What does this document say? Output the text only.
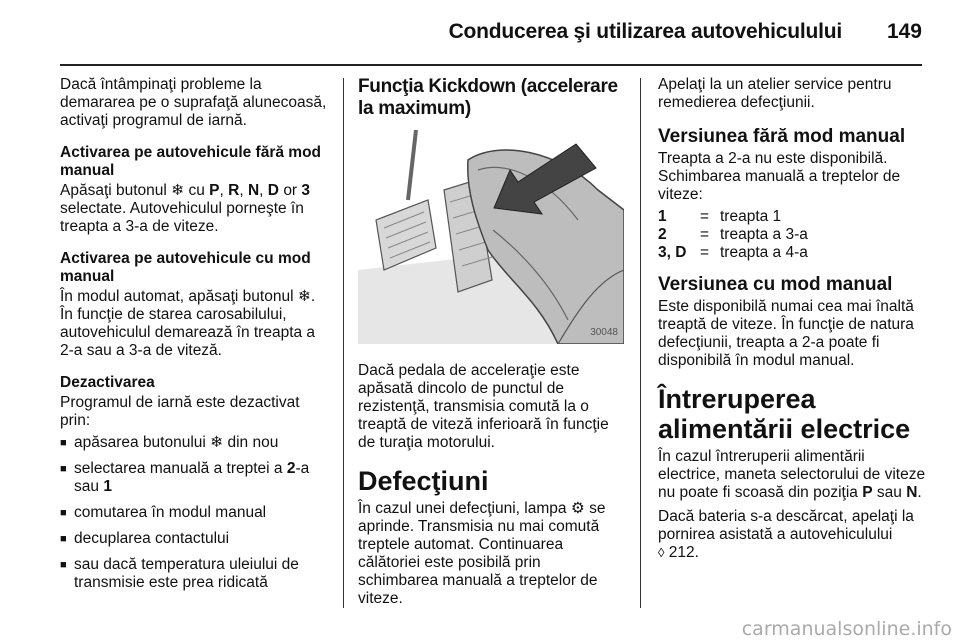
Conducerea şi utilizarea autovehiculului 149

Dacă întâmpinaţi probleme la demararea pe o suprafaţă alunecoasă, activaţi programul de iarnă.

Activarea pe autovehicule fără mod manual

Apăsaţi butonul ❄ cu P, R, N, D or 3 selectate. Autovehiculul porneşte în treapta a 3-a de viteze.

Activarea pe autovehicule cu mod manual

În modul automat, apăsaţi butonul ❄. În funcţie de starea carosabilului, autovehiculul demarează în treapta a 2-a sau a 3-a de viteză.

Dezactivarea
Programul de iarnă este dezactivat prin:
■ apăsarea butonului ❄ din nou
■ selectarea manuală a treptei a 2-a sau 1
■ comutarea în modul manual
■ decuplarea contactului
■ sau dacă temperatura uleiului de transmisie este prea ridicată
Funcţia Kickdown (accelerare la maximum)
30048

Dacă pedala de acceleraţie este apăsată dincolo de punctul de rezistenţă, transmisia comută la o treaptă de viteză inferioară în funcţie de turaţia motorului.

Defecţiuni

În cazul unei defecţiuni, lampa ⚙ se aprinde. Transmisia nu mai comută treptele automat. Continuarea călătoriei este posibilă prin schimbarea manuală a treptelor de viteze.

Apelaţi la un atelier service pentru remedierea defecţiunii.

Versiunea fără mod manual
Treapta a 2-a nu este disponibilă. Schimbarea manuală a treptelor de viteze:
1	= treapta 1
2	= treapta a 3-a
3, D = treapta a 4-a
Versiunea cu mod manual

Este disponibilă numai cea mai înaltă treaptă de viteze. În funcţie de natura defecţiunii, treapta a 2-a poate fi disponibilă în modul manual.

Întreruperea alimentării electrice

În cazul întreruperii alimentării electrice, maneta selectorului de viteze nu poate fi scoasă din poziţia P sau N.

Dacă bateria s-a descărcat, apelaţi la pornirea asistată a autovehiculului
◊ 212.

carmanualsonline.info
